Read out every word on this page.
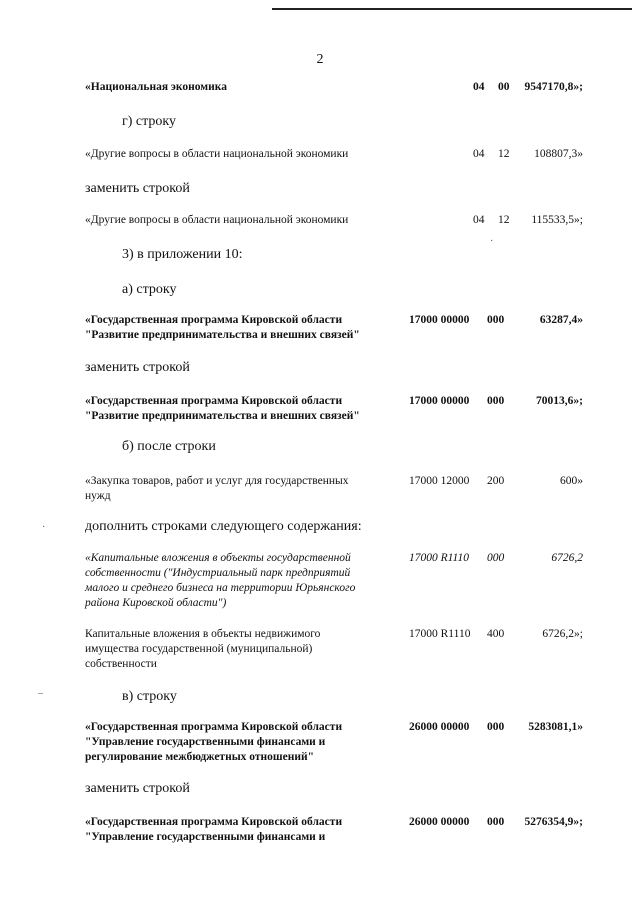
2
«Национальная экономика	04 00 9547170,8»;
г) строку
«Другие вопросы в области национальной экономики	04 12 108807,3»
заменить строкой
«Другие вопросы в области национальной экономики	04 12 115533,5»;
·
3) в приложении 10:
а) строку
«Государственная программа Кировской области
"Развитие предпринимательства и внешних связей"
17000 00000 000	63287,4»
заменить строкой
«Государственная программа Кировской области
"Развитие предпринимательства и внешних связей"
17000 00000 000	70013,6»;
б) после строки
«Закупка товаров, работ и услуг для государственных
нужд
17000 12000 200	600»
дополнить строками следующего содержания:
·
«Капитальные вложения в объекты государственной
собственности ("Индустриальный парк предприятий
малого и среднего бизнеса на территории Юрьянского
района Кировской области")
17000 R1110 000	6726,2
Капитальные вложения в объекты недвижимого
имущества государственной (муниципальной)
собственности
17000 R1110 400	6726,2»;
–	в) строку
«Государственная программа Кировской области
"Управление государственными финансами и
регулирование межбюджетных отношений"
26000 00000 000 5283081,1»
заменить строкой
«Государственная программа Кировской области
"Управление государственными финансами и
26000 00000 000 5276354,9»;
